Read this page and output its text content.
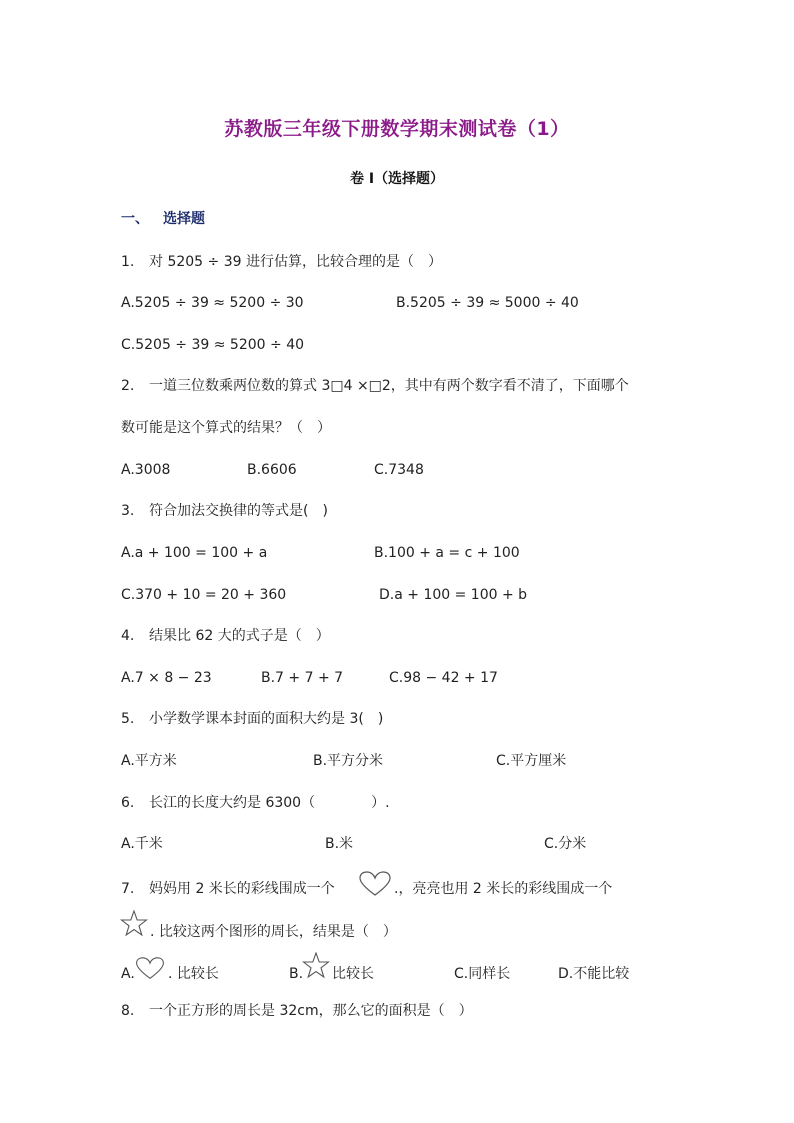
苏教版三年级下册数学期末测试卷（1）
卷 I（选择题）
一、 选择题
1. 对 5205 ÷ 39 进行估算，比较合理的是（　）
A.5205 ÷ 39 ≈ 5200 ÷ 30	B.5205 ÷ 39 ≈ 5000 ÷ 40
C.5205 ÷ 39 ≈ 5200 ÷ 40
2. 一道三位数乘两位数的算式 3□4 ×□2，其中有两个数字看不清了，下面哪个
数可能是这个算式的结果？（　）
A.3008	B.6606	C.7348
3. 符合加法交换律的等式是(　)
A.a + 100 = 100 + a	B.100 + a = c + 100
C.370 + 10 = 20 + 360	D.a + 100 = 100 + b
4. 结果比 62 大的式子是（　）
A.7 × 8 − 23	B.7 + 7 + 7	C.98 − 42 + 17
5. 小学数学课本封面的面积大约是 3(　)
A.平方米	B.平方分米	C.平方厘米
6. 长江的长度大约是 6300（　　　　）.
A.千米	B.米	C.分米
7. 妈妈用 2 米长的彩线围成一个	.，亮亮也用 2 米长的彩线围成一个
. 比较这两个图形的周长，结果是（　）
A. . 比较长	B. 比较长	C.同样长	D.不能比较
8. 一个正方形的周长是 32cm，那么它的面积是（　）
